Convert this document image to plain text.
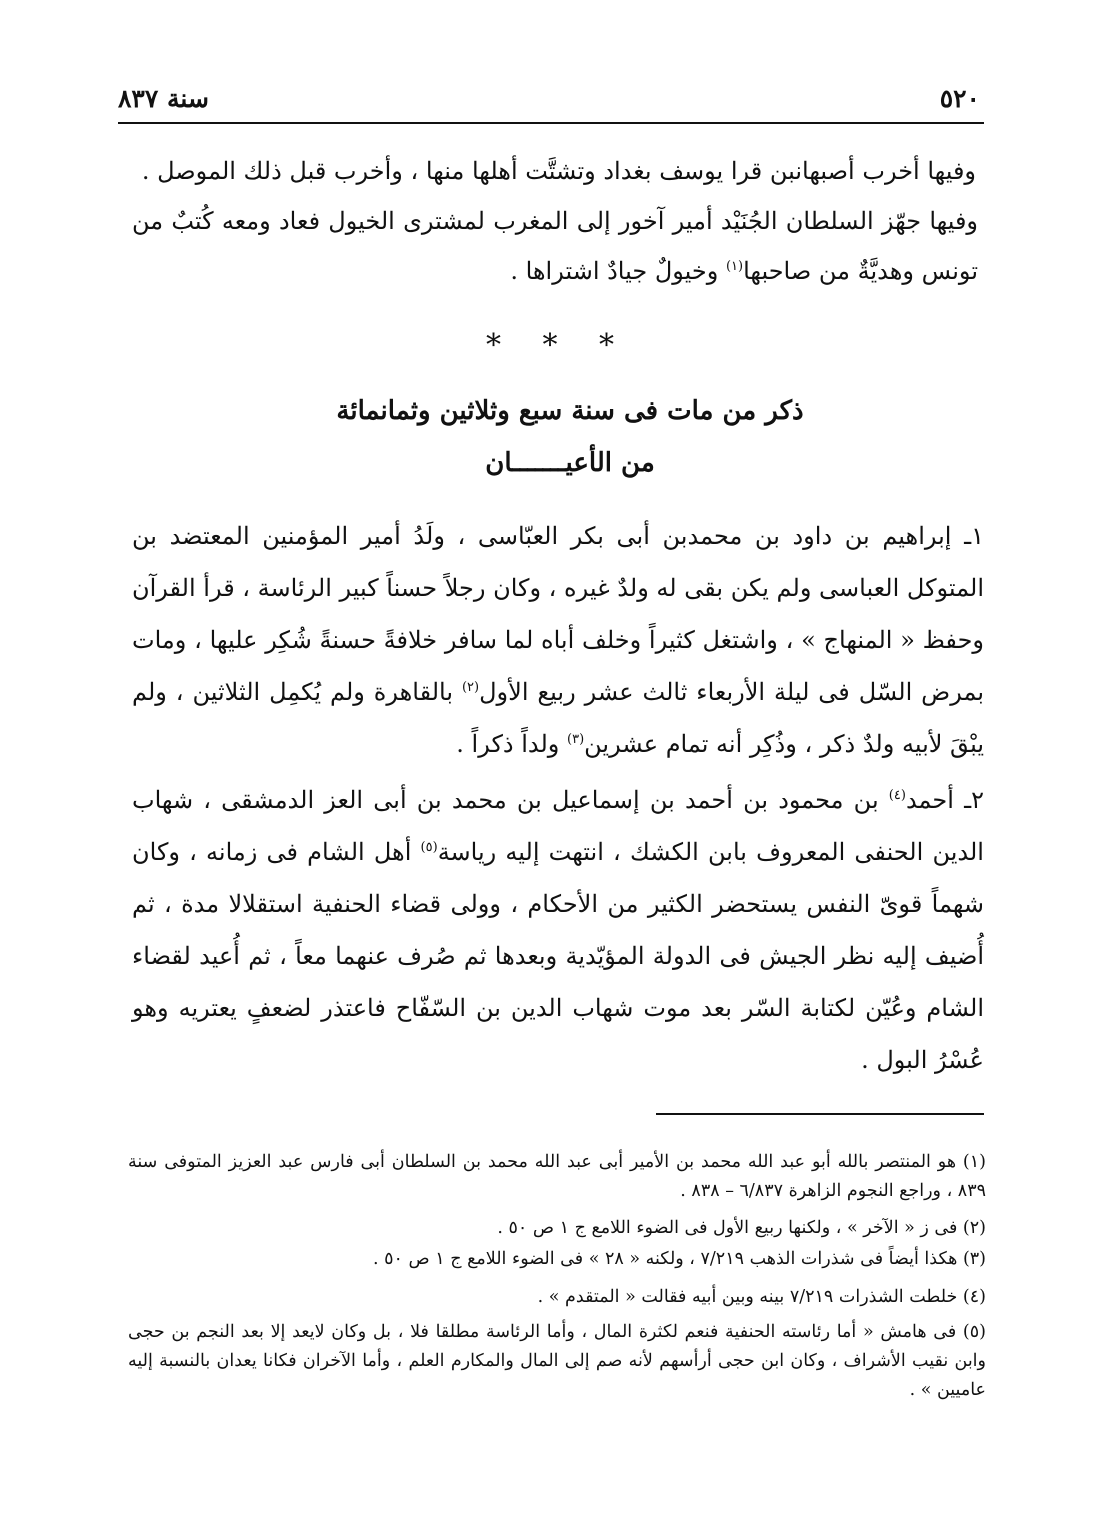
٥٢٠
سنة ٨٣٧
وفيها أخرب أصبهانبن قرا يوسف بغداد وتشتَّت أهلها منها ، وأخرب قبل ذلك الموصل .
وفيها جهّز السلطان الجُنَيْد أمير آخور إلى المغرب لمشترى الخيول فعاد ومعه كُتبٌ من تونس وهديَّةٌ من صاحبها$^{(١)}$ وخيولٌ جيادٌ اشتراها .
* * *
ذكر من مات فى سنة سبع وثلاثين وثمانمائة
من الأعيـــــــان
١ـ إبراهيم بن داود بن محمدبن أبى بكر العبّاسى ، ولَدُ أمير المؤمنين المعتضد بن المتوكل العباسى ولم يكن بقى له ولدٌ غيره ، وكان رجلاً حسناً كبير الرئاسة ، قرأ القرآن وحفظ « المنهاج » ، واشتغل كثيراً وخلف أباه لما سافر خلافةً حسنةً شُكِر عليها ، ومات بمرض السّل فى ليلة الأربعاء ثالث عشر ربيع الأول$^{(٢)}$ بالقاهرة ولم يُكمِل الثلاثين ، ولم يبْقَ لأبيه ولدٌ ذكر ، وذُكِر أنه تمام عشرين$^{(٣)}$ ولداً ذكراً .
٢ـ أحمد$^{(٤)}$ بن محمود بن أحمد بن إسماعيل بن محمد بن أبى العز الدمشقى ، شهاب الدين الحنفى المعروف بابن الكشك ، انتهت إليه رياسة$^{(٥)}$ أهل الشام فى زمانه ، وكان شهماً قوىّ النفس يستحضر الكثير من الأحكام ، وولى قضاء الحنفية استقلالا مدة ، ثم أُضيف إليه نظر الجيش فى الدولة المؤيّدية وبعدها ثم صُرف عنهما معاً ، ثم أُعيد لقضاء الشام وعُيّن لكتابة السّر بعد موت شهاب الدين بن السّفّاح فاعتذر لضعفٍ يعتريه وهو عُسْرُ البول .
(١) هو المنتصر بالله أبو عبد الله محمد بن الأمير أبى عبد الله محمد بن السلطان أبى فارس عبد العزيز المتوفى سنة ٨٣٩ ، وراجع النجوم الزاهرة ٦/٨٣٧ – ٨٣٨ .
(٢) فى ز « الآخر » ، ولكنها ربيع الأول فى الضوء اللامع ج ١ ص ٥٠ .
(٣) هكذا أيضاً فى شذرات الذهب ٧/٢١٩ ، ولكنه « ٢٨ » فى الضوء اللامع ج ١ ص ٥٠ .
(٤) خلطت الشذرات ٧/٢١٩ بينه وبين أبيه فقالت « المتقدم » .
(٥) فى هامش « أما رئاسته الحنفية فنعم لكثرة المال ، وأما الرئاسة مطلقا فلا ، بل وكان لايعد إلا بعد النجم بن حجى وابن نقيب الأشراف ، وكان ابن حجى أرأسهم لأنه صم إلى المال والمكارم العلم ، وأما الآخران فكانا يعدان بالنسبة إليه عاميين » .
